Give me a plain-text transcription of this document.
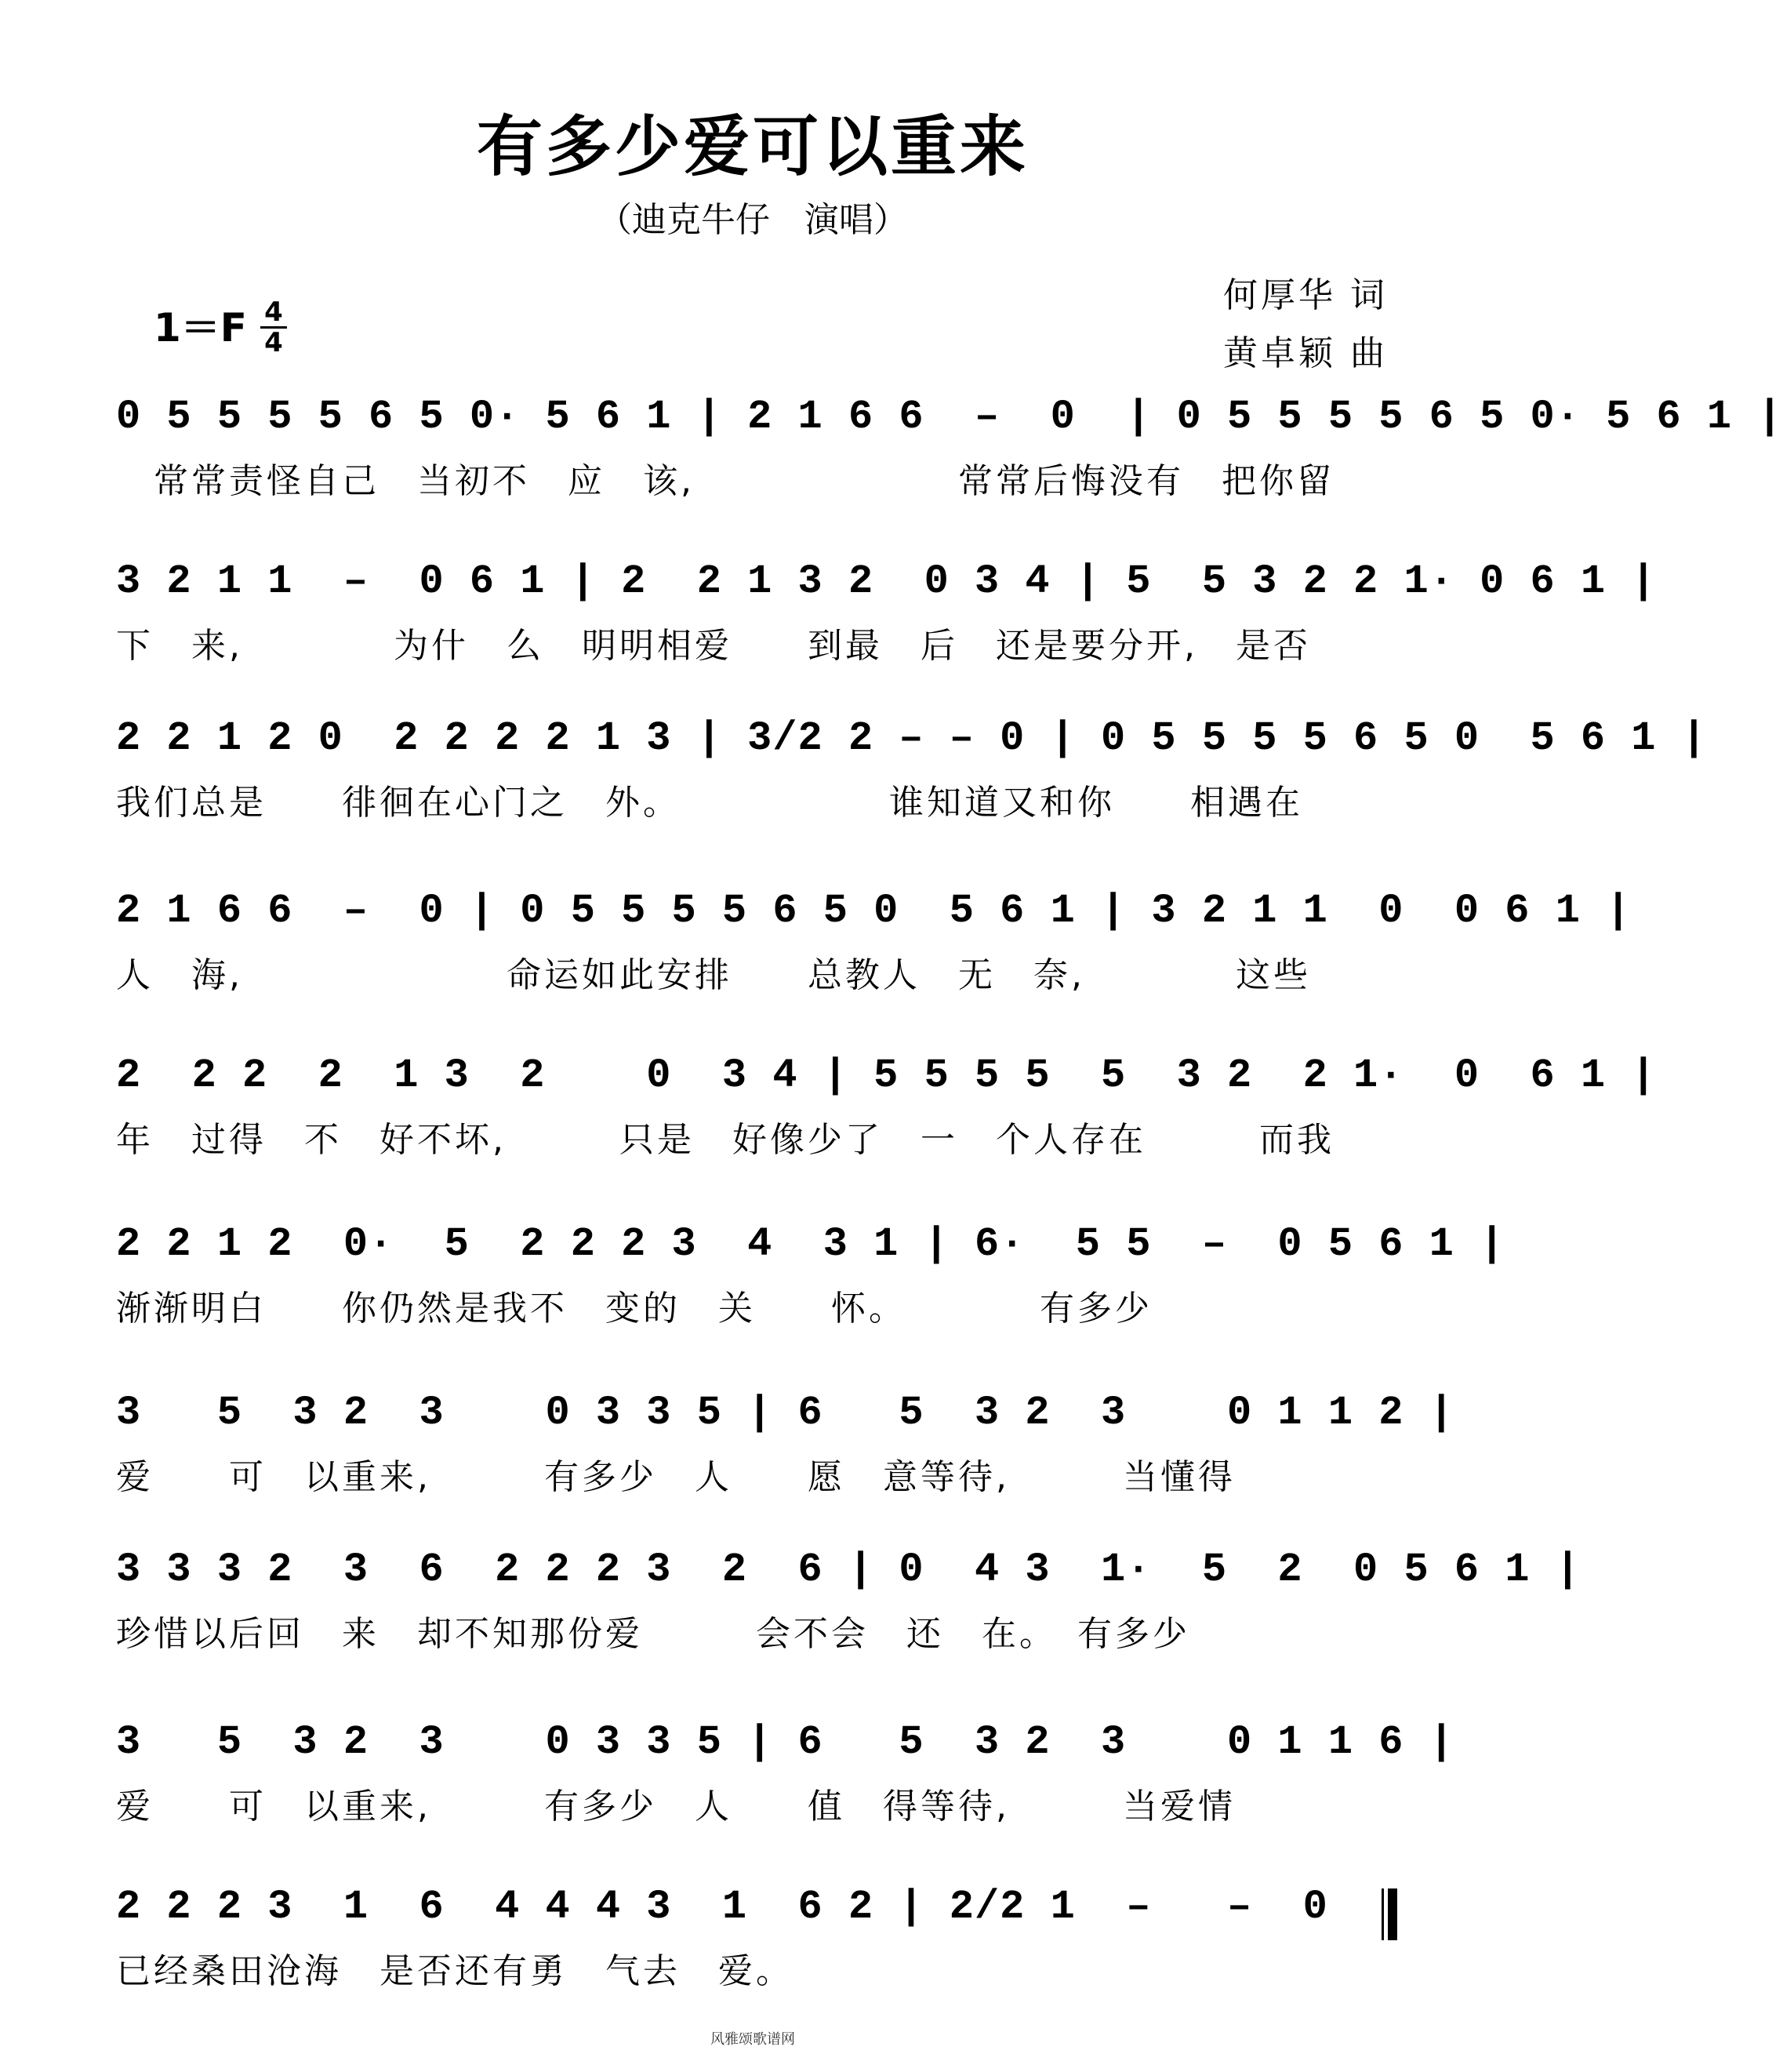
有多少爱可以重来
（迪克牛仔　演唱）
何厚华 词
黄卓颖 曲
$1=F \frac{4}{4}$
0 5 5 5 5 6 5 0· 5 6 1 | 2 1 6 6  –  0  | 0 5 5 5 5 6 5 0· 5 6 1 |
　常常责怪自己　当初不　应　该,　　　　　　　常常后悔没有　把你留
3 2 1 1  –  0 6 1 | 2  2 1 3 2  0 3 4 | 5  5 3 2 2 1· 0 6 1 |
下　来,　　　　为什　么　明明相爱　　到最　后　还是要分开,　是否
2 2 1 2 0  2 2 2 2 1 3 | 3/2 2 – – 0 | 0 5 5 5 5 6 5 0  5 6 1 |
我们总是　　徘徊在心门之　外。　　　　　　谁知道又和你　　相遇在
2 1 6 6  –  0 | 0 5 5 5 5 6 5 0  5 6 1 | 3 2 1 1  0  0 6 1 |
人　海,　　　　　　　命运如此安排　　总教人　无　奈,　　　　这些
2  2 2  2  1 3  2    0  3 4 | 5 5 5 5  5  3 2  2 1·  0  6 1 |
年　过得　不　好不坏,　　　只是　好像少了　一　个人存在　　　而我
2 2 1 2  0·  5  2 2 2 3  4  3 1 | 6·  5 5  –  0 5 6 1 |
渐渐明白　　你仍然是我不　变的　关　　怀。　　　　有多少
3   5  3 2  3    0 3 3 5 | 6   5  3 2  3    0 1 1 2 |
爱　　可　以重来,　　　有多少　人　　愿　意等待,　　　当懂得
3 3 3 2  3  6  2 2 2 3  2  6 | 0  4 3  1·  5  2  0 5 6 1 |
珍惜以后回　来　却不知那份爱　　　会不会　还　在。　有多少
3   5  3 2  3    0 3 3 5 | 6   5  3 2  3    0 1 1 6 |
爱　　可　以重来,　　　有多少　人　　值　得等待,　　　当爱情
2 2 2 3  1  6  4 4 4 3  1  6 2 | 2/2 1  –   –  0
已经桑田沧海　是否还有勇　气去　爱。
风雅颂歌谱网
